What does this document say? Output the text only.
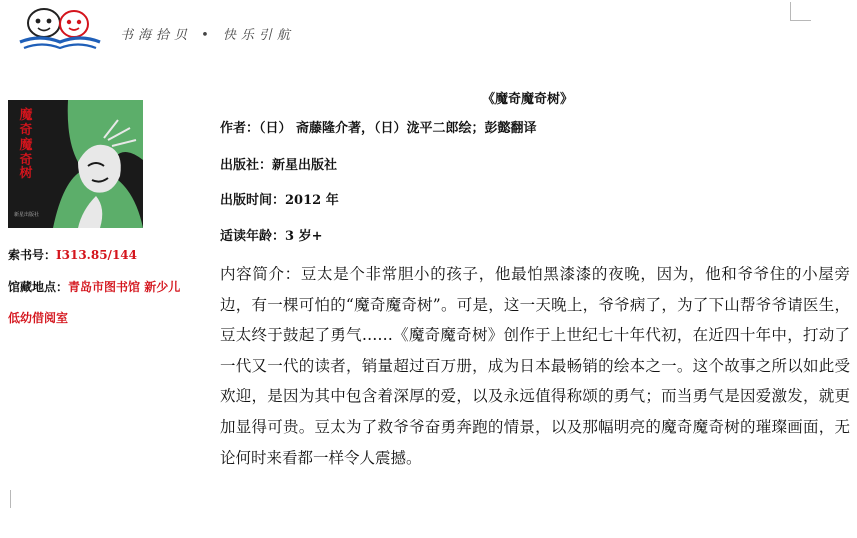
书海拾贝 • 快乐引航
新星出版社
魔
奇
魔
奇
树
索书号：I313.85/144
馆藏地点：青岛市图书馆 新少儿
低幼借阅室
《魔奇魔奇树》
作者：（日） 斋藤隆介著，（日）泷平二郎绘；彭懿翻译
出版社：新星出版社
出版时间：2012 年
适读年龄：3 岁+

内容简介：豆太是个非常胆小的孩子，他最怕黑漆漆的夜晚，因为，他和爷爷住的小屋旁边，有一棵可怕的“魔奇魔奇树”。可是，这一天晚上，爷爷病了，为了下山帮爷爷请医生，豆太终于鼓起了勇气……《魔奇魔奇树》创作于上世纪七十年代初，在近四十年中，打动了一代又一代的读者，销量超过百万册，成为日本最畅销的绘本之一。这个故事之所以如此受欢迎，是因为其中包含着深厚的爱，以及永远值得称颂的勇气；而当勇气是因爱激发，就更加显得可贵。豆太为了救爷爷奋勇奔跑的情景，以及那幅明亮的魔奇魔奇树的璀璨画面，无论何时来看都一样令人震撼。
